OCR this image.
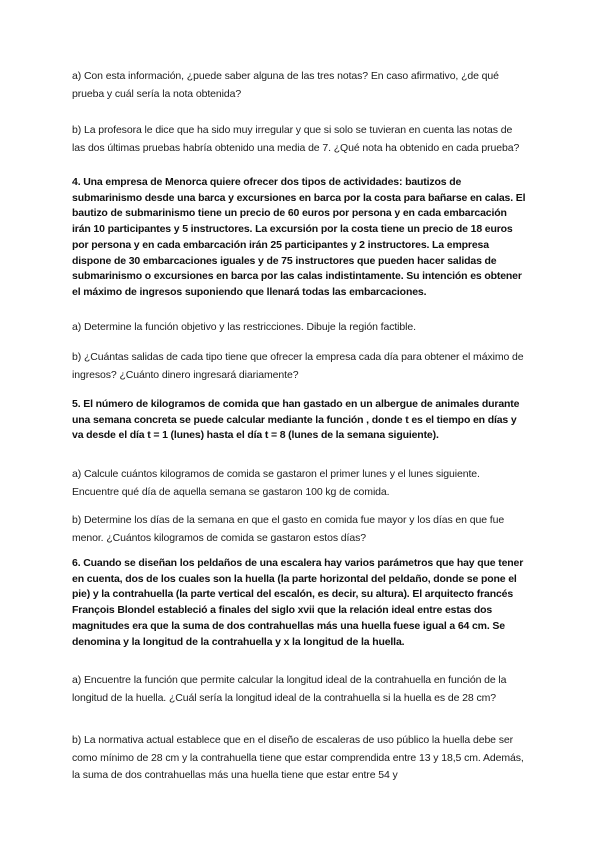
a) Con esta información, ¿puede saber alguna de las tres notas? En caso afirmativo, ¿de qué prueba y cuál sería la nota obtenida?

b) La profesora le dice que ha sido muy irregular y que si solo se tuvieran en cuenta las notas de las dos últimas pruebas habría obtenido una media de 7. ¿Qué nota ha obtenido en cada prueba?

4. Una empresa de Menorca quiere ofrecer dos tipos de actividades: bautizos de submarinismo desde una barca y excursiones en barca por la costa para bañarse en calas. El bautizo de submarinismo tiene un precio de 60 euros por persona y en cada embarcación irán 10 participantes y 5 instructores. La excursión por la costa tiene un precio de 18 euros por persona y en cada embarcación irán 25 participantes y 2 instructores. La empresa dispone de 30 embarcaciones iguales y de 75 instructores que pueden hacer salidas de submarinismo o excursiones en barca por las calas indistintamente. Su intención es obtener el máximo de ingresos suponiendo que llenará todas las embarcaciones.

a) Determine la función objetivo y las restricciones. Dibuje la región factible.

b) ¿Cuántas salidas de cada tipo tiene que ofrecer la empresa cada día para obtener el máximo de ingresos? ¿Cuánto dinero ingresará diariamente?

5. El número de kilogramos de comida que han gastado en un albergue de animales durante una semana concreta se puede calcular mediante la función , donde t es el tiempo en días y va desde el día t = 1 (lunes) hasta el día t = 8 (lunes de la semana siguiente).

a) Calcule cuántos kilogramos de comida se gastaron el primer lunes y el lunes siguiente. Encuentre qué día de aquella semana se gastaron 100 kg de comida.

b) Determine los días de la semana en que el gasto en comida fue mayor y los días en que fue menor. ¿Cuántos kilogramos de comida se gastaron estos días?

6. Cuando se diseñan los peldaños de una escalera hay varios parámetros que hay que tener en cuenta, dos de los cuales son la huella (la parte horizontal del peldaño, donde se pone el pie) y la contrahuella (la parte vertical del escalón, es decir, su altura). El arquitecto francés François Blondel estableció a finales del siglo xvii que la relación ideal entre estas dos magnitudes era que la suma de dos contrahuellas más una huella fuese igual a 64 cm. Se denomina y la longitud de la contrahuella y x la longitud de la huella.

a) Encuentre la función que permite calcular la longitud ideal de la contrahuella en función de la longitud de la huella. ¿Cuál sería la longitud ideal de la contrahuella si la huella es de 28 cm?

b) La normativa actual establece que en el diseño de escaleras de uso público la huella debe ser como mínimo de 28 cm y la contrahuella tiene que estar comprendida entre 13 y 18,5 cm. Además, la suma de dos contrahuellas más una huella tiene que estar entre 54 y
